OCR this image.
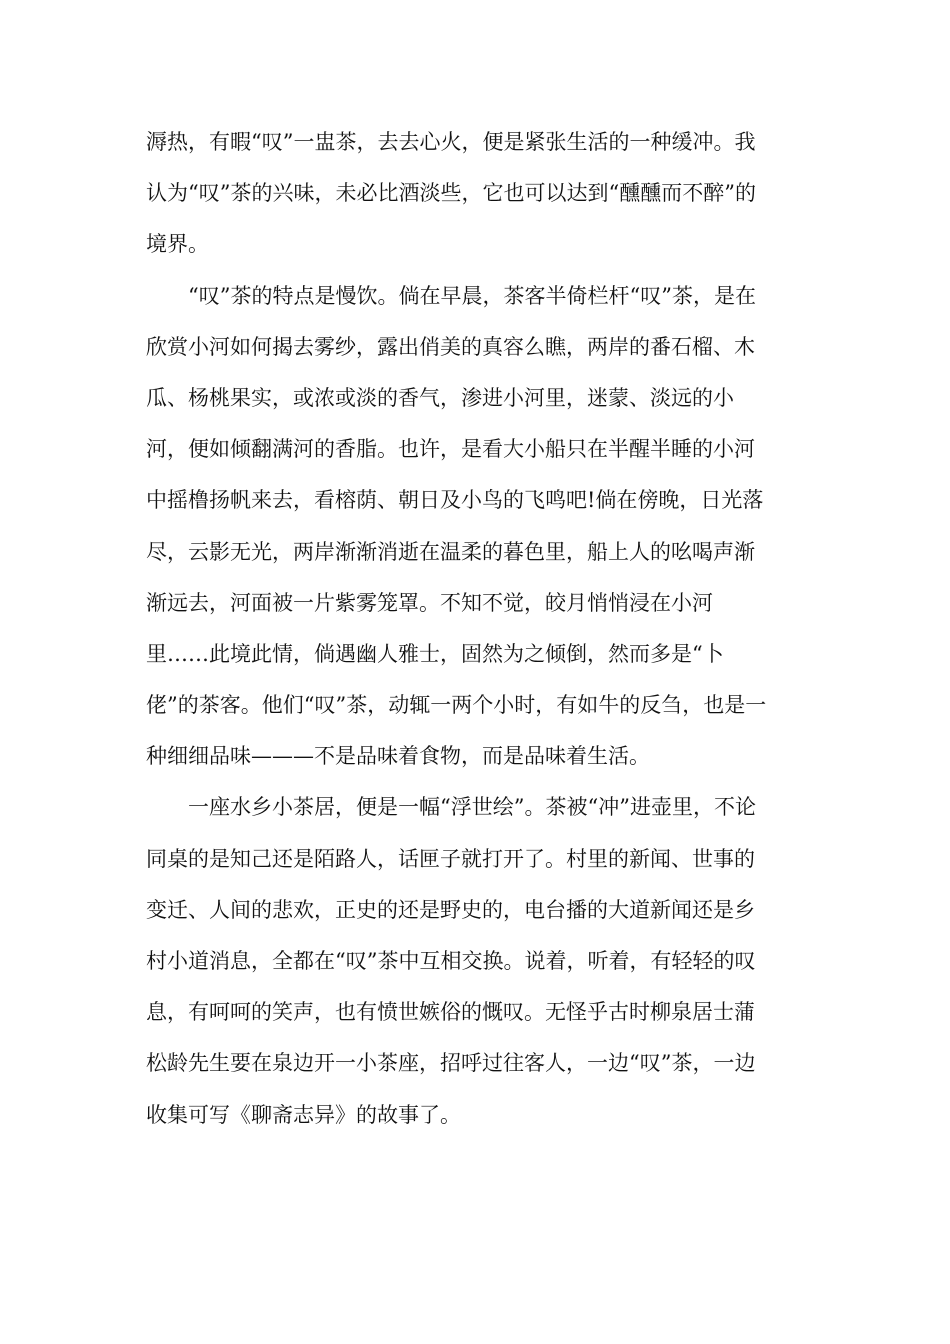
溽热，有暇“叹”一盅茶，去去心火，便是紧张生活的一种缓冲。我
认为“叹”茶的兴味，未必比酒淡些，它也可以达到“醺醺而不醉”的
境界。
“叹”茶的特点是慢饮。倘在早晨，茶客半倚栏杆“叹”茶，是在
欣赏小河如何揭去雾纱，露出俏美的真容么瞧，两岸的番石榴、木
瓜、杨桃果实，或浓或淡的香气，渗进小河里，迷蒙、淡远的小
河，便如倾翻满河的香脂。也许，是看大小船只在半醒半睡的小河
中摇橹扬帆来去，看榕荫、朝日及小鸟的飞鸣吧!倘在傍晚，日光落
尽，云影无光，两岸渐渐消逝在温柔的暮色里，船上人的吆喝声渐
渐远去，河面被一片紫雾笼罩。不知不觉，皎月悄悄浸在小河
里……此境此情，倘遇幽人雅士，固然为之倾倒，然而多是“卜
佬”的茶客。他们“叹”茶，动辄一两个小时，有如牛的反刍，也是一
种细细品味———不是品味着食物，而是品味着生活。
一座水乡小茶居，便是一幅“浮世绘”。茶被“冲”进壶里，不论
同桌的是知己还是陌路人，话匣子就打开了。村里的新闻、世事的
变迁、人间的悲欢，正史的还是野史的，电台播的大道新闻还是乡
村小道消息，全都在“叹”茶中互相交换。说着，听着，有轻轻的叹
息，有呵呵的笑声，也有愤世嫉俗的慨叹。无怪乎古时柳泉居士蒲
松龄先生要在泉边开一小茶座，招呼过往客人，一边“叹”茶，一边
收集可写《聊斋志异》的故事了。
